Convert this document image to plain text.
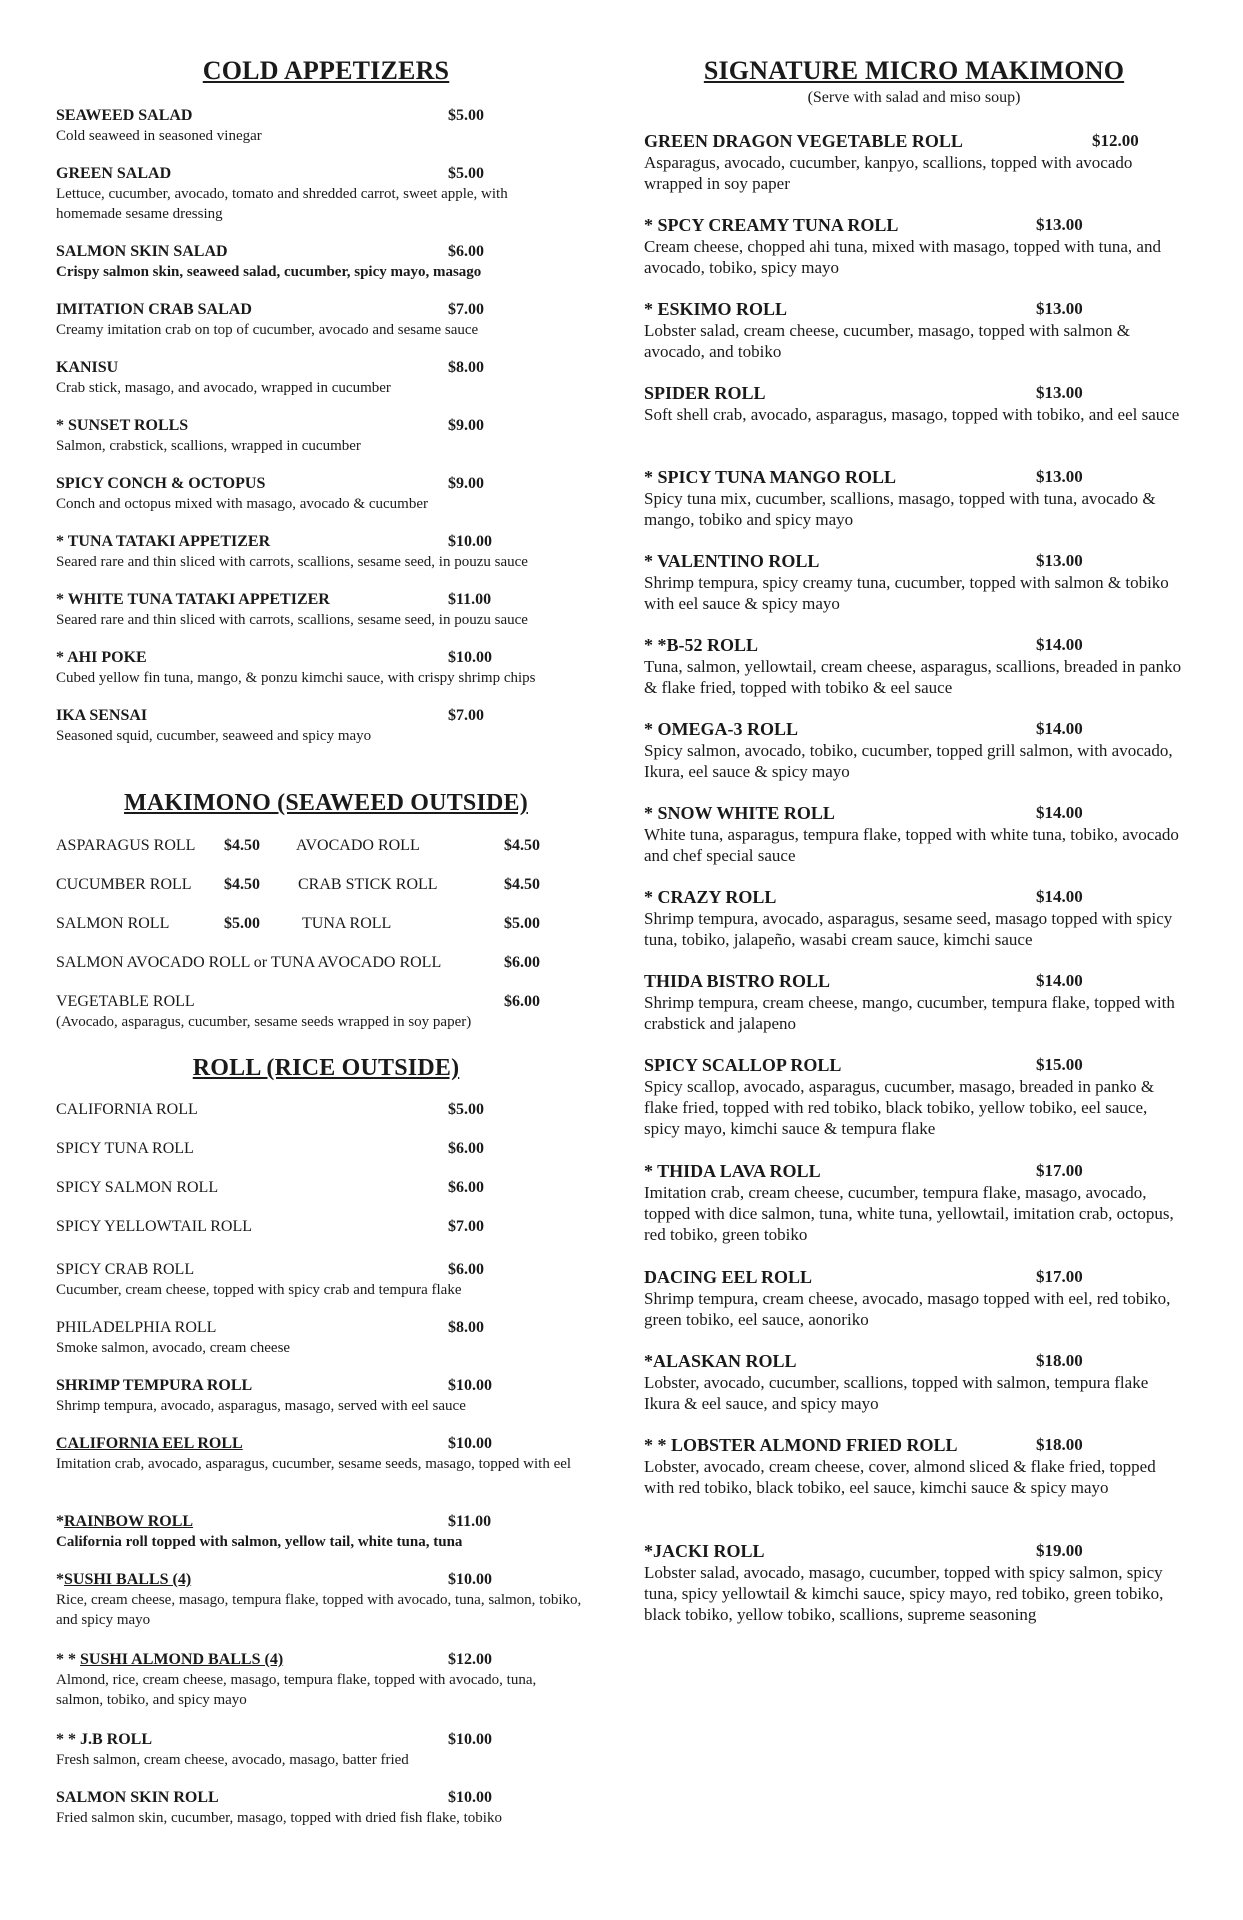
COLD APPETIZERS
SEAWEED SALAD	$5.00
Cold seaweed in seasoned vinegar
GREEN SALAD	$5.00
Lettuce, cucumber, avocado, tomato and shredded carrot, sweet apple, with homemade sesame dressing
SALMON SKIN SALAD	$6.00
Crispy salmon skin, seaweed salad, cucumber, spicy mayo, masago
IMITATION CRAB SALAD	$7.00
Creamy imitation crab on top of cucumber, avocado and sesame sauce
KANISU	$8.00
Crab stick, masago, and avocado, wrapped in cucumber
* SUNSET ROLLS	$9.00
Salmon, crabstick, scallions, wrapped in cucumber
SPICY CONCH & OCTOPUS	$9.00
Conch and octopus mixed with masago, avocado & cucumber
* TUNA TATAKI APPETIZER	$10.00
Seared rare and thin sliced with carrots, scallions, sesame seed, in pouzu sauce
* WHITE TUNA TATAKI APPETIZER	$11.00
Seared rare and thin sliced with carrots, scallions, sesame seed, in pouzu sauce
* AHI POKE	$10.00
Cubed yellow fin tuna, mango, & ponzu kimchi sauce, with crispy shrimp chips
IKA SENSAI	$7.00
Seasoned squid, cucumber, seaweed and spicy mayo
MAKIMONO (SEAWEED OUTSIDE)
ASPARAGUS ROLL $4.50 AVOCADO ROLL	$4.50
CUCUMBER ROLL $4.50 CRAB STICK ROLL	$4.50
SALMON ROLL	$5.00	TUNA ROLL	$5.00
SALMON AVOCADO ROLL or TUNA AVOCADO ROLL	$6.00
VEGETABLE ROLL	$6.00
(Avocado, asparagus, cucumber, sesame seeds wrapped in soy paper)
ROLL (RICE OUTSIDE)
CALIFORNIA ROLL	$5.00
SPICY TUNA ROLL	$6.00
SPICY SALMON ROLL	$6.00
SPICY YELLOWTAIL ROLL	$7.00
SPICY CRAB ROLL	$6.00
Cucumber, cream cheese, topped with spicy crab and tempura flake
PHILADELPHIA ROLL	$8.00
Smoke salmon, avocado, cream cheese
SHRIMP TEMPURA ROLL	$10.00
Shrimp tempura, avocado, asparagus, masago, served with eel sauce
CALIFORNIA EEL ROLL	$10.00
Imitation crab, avocado, asparagus, cucumber, sesame seeds, masago, topped with eel
*RAINBOW ROLL	$11.00
California roll topped with salmon, yellow tail, white tuna, tuna
*SUSHI BALLS (4)	$10.00
Rice, cream cheese, masago, tempura flake, topped with avocado, tuna, salmon, tobiko, and spicy mayo
* * SUSHI ALMOND BALLS (4)	$12.00
Almond, rice, cream cheese, masago, tempura flake, topped with avocado, tuna, salmon, tobiko, and spicy mayo
* * J.B ROLL	$10.00
Fresh salmon, cream cheese, avocado, masago, batter fried
SALMON SKIN ROLL	$10.00
Fried salmon skin, cucumber, masago, topped with dried fish flake, tobiko
SIGNATURE MICRO MAKIMONO
(Serve with salad and miso soup)
GREEN DRAGON VEGETABLE ROLL	$12.00
Asparagus, avocado, cucumber, kanpyo, scallions, topped with avocado wrapped in soy paper
* SPCY CREAMY TUNA ROLL	$13.00
Cream cheese, chopped ahi tuna, mixed with masago, topped with tuna, and avocado, tobiko, spicy mayo
* ESKIMO ROLL	$13.00
Lobster salad, cream cheese, cucumber, masago, topped with salmon & avocado, and tobiko
SPIDER ROLL	$13.00
Soft shell crab, avocado, asparagus, masago, topped with tobiko, and eel sauce
* SPICY TUNA MANGO ROLL	$13.00
Spicy tuna mix, cucumber, scallions, masago, topped with tuna, avocado & mango, tobiko and spicy mayo
* VALENTINO ROLL	$13.00
Shrimp tempura, spicy creamy tuna, cucumber, topped with salmon & tobiko with eel sauce & spicy mayo
* *B-52 ROLL	$14.00
Tuna, salmon, yellowtail, cream cheese, asparagus, scallions, breaded in panko & flake fried, topped with tobiko & eel sauce
* OMEGA-3 ROLL	$14.00
Spicy salmon, avocado, tobiko, cucumber, topped grill salmon, with avocado, Ikura, eel sauce & spicy mayo
* SNOW WHITE ROLL	$14.00
White tuna, asparagus, tempura flake, topped with white tuna, tobiko, avocado and chef special sauce
* CRAZY ROLL	$14.00
Shrimp tempura, avocado, asparagus, sesame seed, masago topped with spicy tuna, tobiko, jalapeño, wasabi cream sauce, kimchi sauce
THIDA BISTRO ROLL	$14.00
Shrimp tempura, cream cheese, mango, cucumber, tempura flake, topped with crabstick and jalapeno
SPICY SCALLOP ROLL	$15.00
Spicy scallop, avocado, asparagus, cucumber, masago, breaded in panko & flake fried, topped with red tobiko, black tobiko, yellow tobiko, eel sauce, spicy mayo, kimchi sauce & tempura flake
* THIDA LAVA ROLL	$17.00
Imitation crab, cream cheese, cucumber, tempura flake, masago, avocado, topped with dice salmon, tuna, white tuna, yellowtail, imitation crab, octopus, red tobiko, green tobiko
DACING EEL ROLL	$17.00
Shrimp tempura, cream cheese, avocado, masago topped with eel, red tobiko, green tobiko, eel sauce, aonoriko
*ALASKAN ROLL	$18.00
Lobster, avocado, cucumber, scallions, topped with salmon, tempura flake Ikura & eel sauce, and spicy mayo
* * LOBSTER ALMOND FRIED ROLL	$18.00
Lobster, avocado, cream cheese, cover, almond sliced & flake fried, topped with red tobiko, black tobiko, eel sauce, kimchi sauce & spicy mayo
*JACKI ROLL	$19.00
Lobster salad, avocado, masago, cucumber, topped with spicy salmon, spicy tuna, spicy yellowtail & kimchi sauce, spicy mayo, red tobiko, green tobiko, black tobiko, yellow tobiko, scallions, supreme seasoning
